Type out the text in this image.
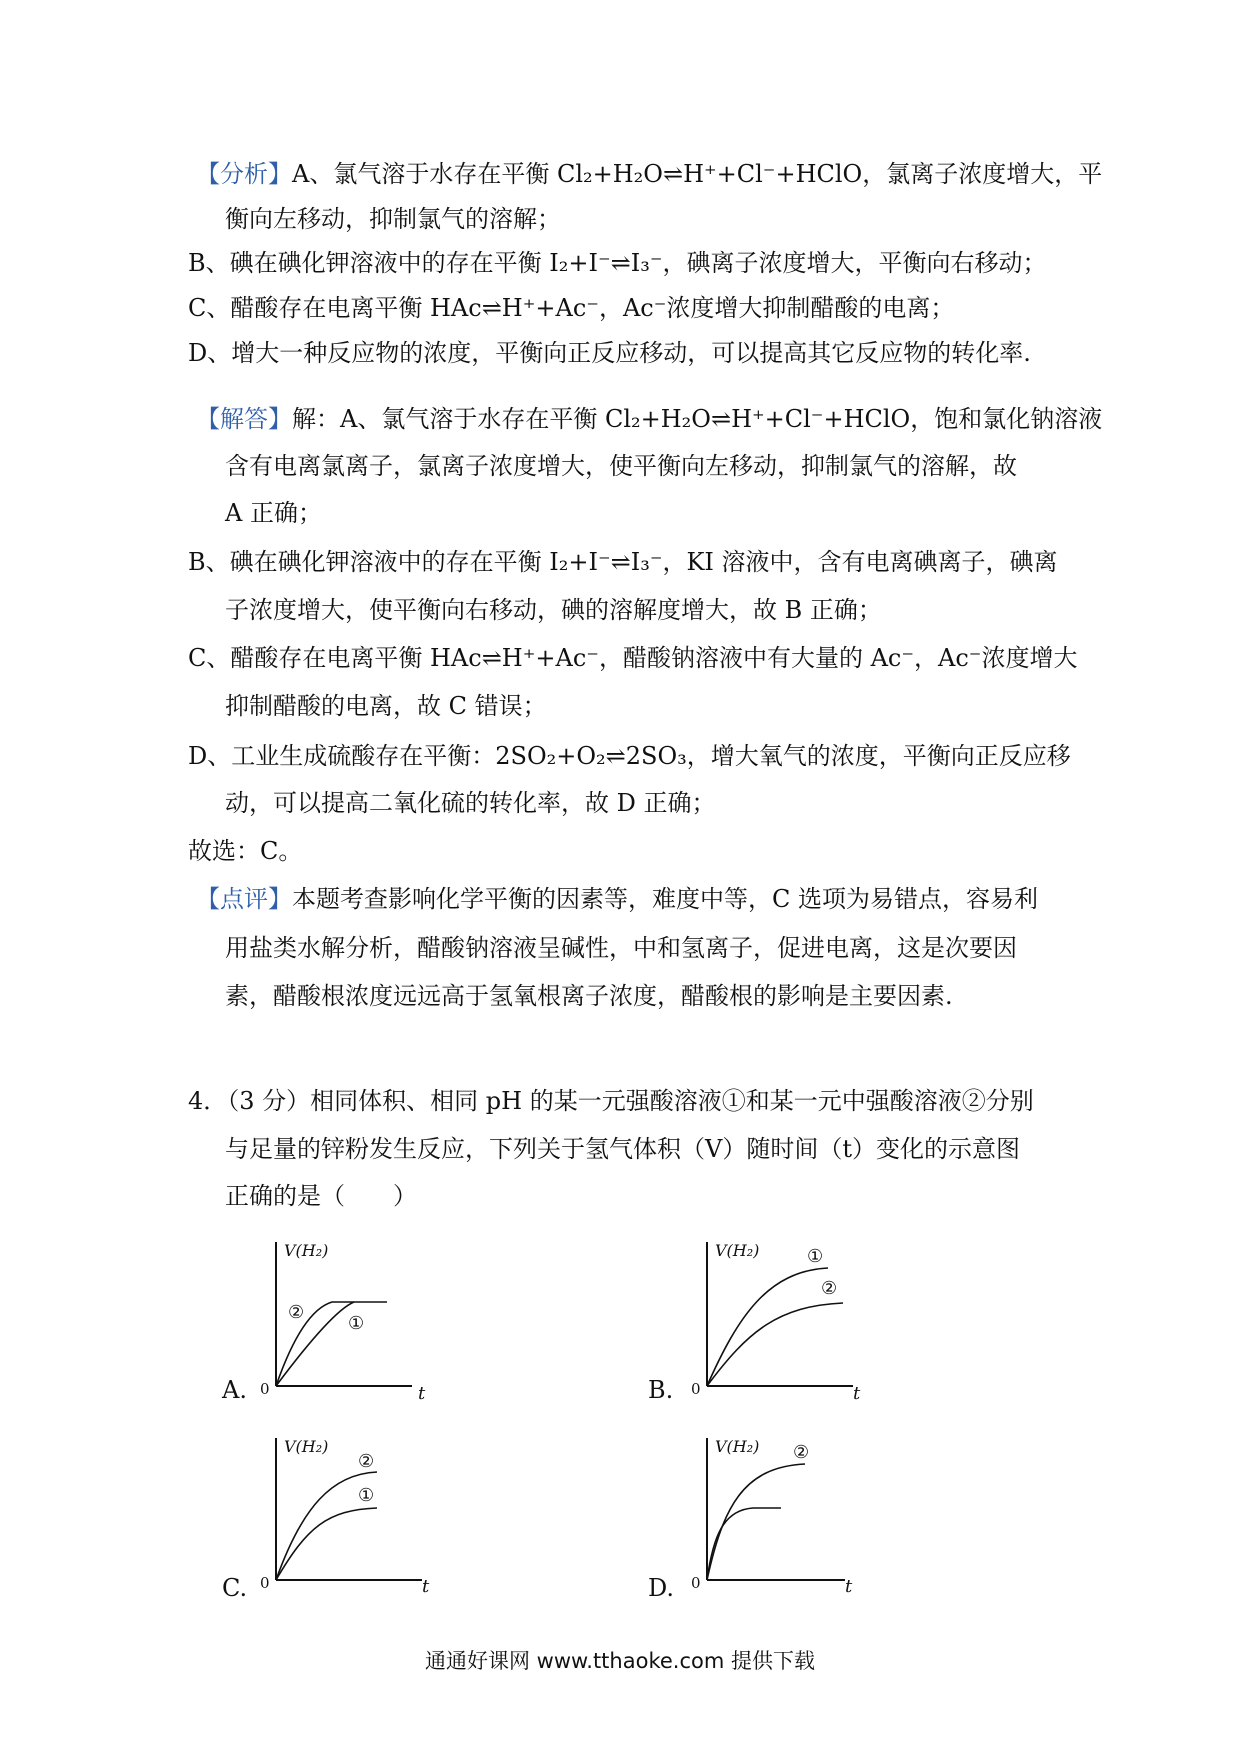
【分析】A、氯气溶于水存在平衡 Cl₂+H₂O⇌H⁺+Cl⁻+HClO，氯离子浓度增大，平
衡向左移动，抑制氯气的溶解；
B、碘在碘化钾溶液中的存在平衡 I₂+I⁻⇌I₃⁻，碘离子浓度增大，平衡向右移动；
C、醋酸存在电离平衡 HAc⇌H⁺+Ac⁻，Ac⁻浓度增大抑制醋酸的电离；
D、增大一种反应物的浓度，平衡向正反应移动，可以提高其它反应物的转化率.
【解答】解：A、氯气溶于水存在平衡 Cl₂+H₂O⇌H⁺+Cl⁻+HClO，饱和氯化钠溶液
含有电离氯离子，氯离子浓度增大，使平衡向左移动，抑制氯气的溶解，故
A 正确；
B、碘在碘化钾溶液中的存在平衡 I₂+I⁻⇌I₃⁻，KI 溶液中，含有电离碘离子，碘离
子浓度增大，使平衡向右移动，碘的溶解度增大，故 B 正确；
C、醋酸存在电离平衡 HAc⇌H⁺+Ac⁻，醋酸钠溶液中有大量的 Ac⁻，Ac⁻浓度增大
抑制醋酸的电离，故 C 错误；
D、工业生成硫酸存在平衡：2SO₂+O₂⇌2SO₃，增大氧气的浓度，平衡向正反应移
动，可以提高二氧化硫的转化率，故 D 正确；
故选：C。
【点评】本题考查影响化学平衡的因素等，难度中等，C 选项为易错点，容易利
用盐类水解分析，醋酸钠溶液呈碱性，中和氢离子，促进电离，这是次要因
素，醋酸根浓度远远高于氢氧根离子浓度，醋酸根的影响是主要因素.
4．（3 分）相同体积、相同 pH 的某一元强酸溶液①和某一元中强酸溶液②分别
与足量的锌粉发生反应，下列关于氢气体积（V）随时间（t）变化的示意图
正确的是（　　）
A.
V(H₂)
0	t
②
①
B.
V(H₂)
0	t
①
②
C.
V(H₂)
0	t
②
①
D.
V(H₂)
0	t
②
通通好课网 www.tthaoke.com 提供下载
